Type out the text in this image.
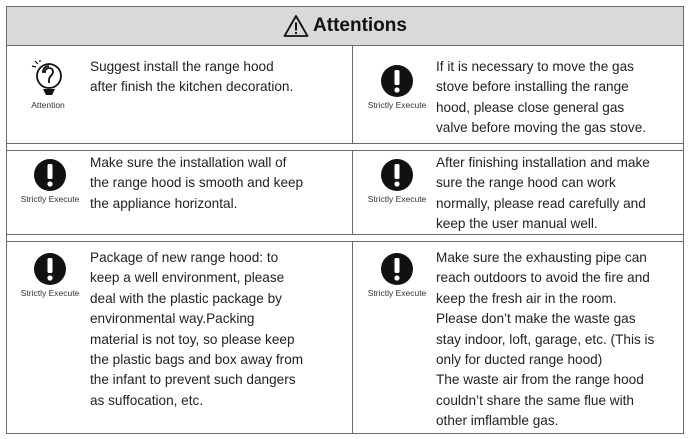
Attentions
Attention
Suggest install the range hood
after finish the kitchen decoration.
Strictly Execute
If it is necessary to move the gas
stove before installing the range
hood, please close general gas
valve before moving the gas stove.
Strictly Execute
Make sure the installation wall of
the range hood is smooth and keep
the appliance horizontal.	Strictly Execute
After finishing installation and make
sure the range hood can work
normally, please read carefully and
keep the user manual well.
Strictly Execute
Package of new range hood: to
keep a well environment, please
deal with the plastic package by
environmental way.Packing
material is not toy, so please keep
the plastic bags and box away from
the infant to prevent such dangers
as suffocation, etc.
Strictly Execute
Make sure the exhausting pipe can
reach outdoors to avoid the fire and
keep the fresh air in the room.
Please don’t make the waste gas
stay indoor, loft, garage, etc. (This is
only for ducted range hood)
The waste air from the range hood
couldn’t share the same flue with
other imflamble gas.
